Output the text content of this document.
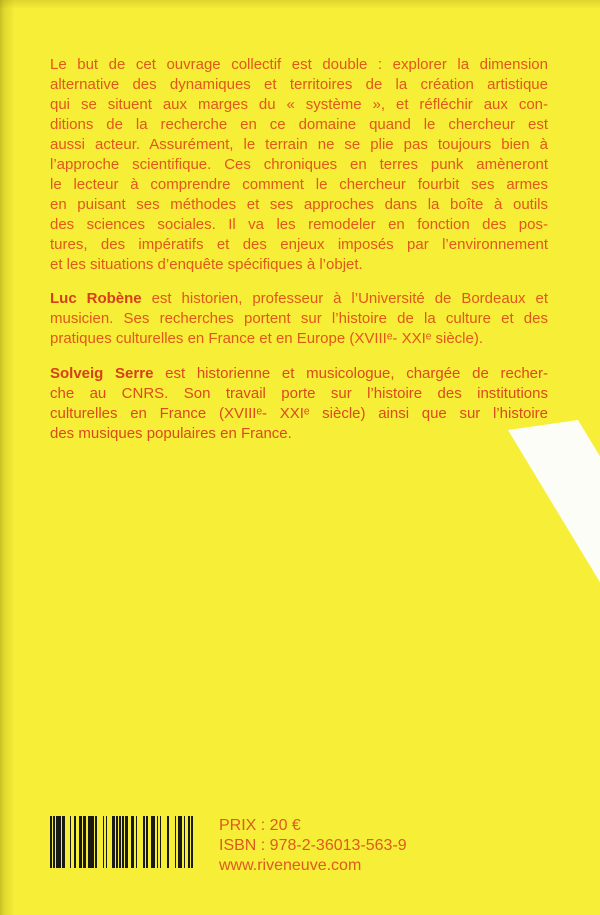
Le but de cet ouvrage collectif est double : explorer la dimension
alternative des dynamiques et territoires de la création artistique
qui se situent aux marges du « système », et réfléchir aux con-
ditions de la recherche en ce domaine quand le chercheur est
aussi acteur. Assurément, le terrain ne se plie pas toujours bien à
l’approche scientifique. Ces chroniques en terres punk amèneront
le lecteur à comprendre comment le chercheur fourbit ses armes
en puisant ses méthodes et ses approches dans la boîte à outils
des sciences sociales. Il va les remodeler en fonction des pos-
tures, des impératifs et des enjeux imposés par l’environnement
et les situations d’enquête spécifiques à l’objet.
Luc Robène est historien, professeur à l’Université de Bordeaux et
musicien. Ses recherches portent sur l’histoire de la culture et des
pratiques culturelles en France et en Europe (XVIIIᵉ- XXIᵉ siècle).
Solveig Serre est historienne et musicologue, chargée de recher-
che au CNRS. Son travail porte sur l’histoire des institutions
culturelles en France (XVIIIᵉ- XXIᵉ siècle) ainsi que sur l’histoire
des musiques populaires en France.
PRIX : 20 €
ISBN : 978-2-36013-563-9
www.riveneuve.com
